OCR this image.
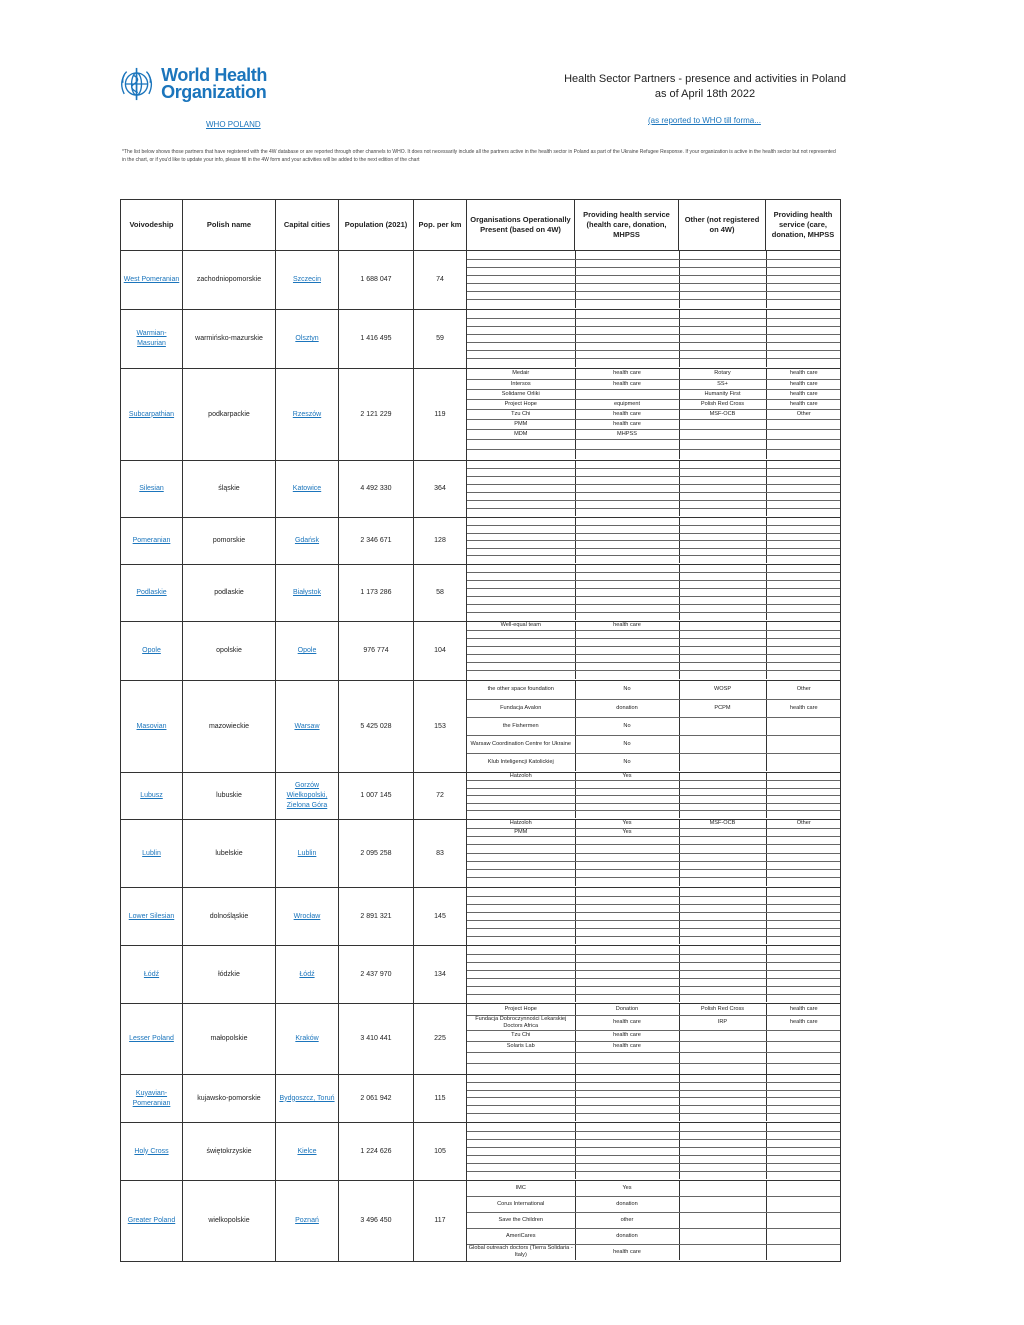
World Health Organization
WHO POLAND
Health Sector Partners - presence and activities in Poland as of April 18th 2022
(as reported to WHO till forma...
*The list below shows those partners that have registered with the 4W database or are reported through other channels to WHO. It does not necessarily include all the partners active in the health sector in Poland as part of the Ukraine Refugee Response. If your organization is active in the health sector but not represented in the chart, or if you'd like to update your info, please fill in the 4W form and your activities will be added to the next edition of the chart
Voivodeship	Polish name	Capital cities	Population (2021)	Pop. per km	Organisations Operationally Present (based on 4W)	Providing health service (health care, donation, MHPSS	Other (not registered on 4W)	Providing health service (care, donation, MHPSS
West Pomeranian	zachodniopomorskie	Szczecin	1 688 047	74	

Warmian-Masurian	warmińsko-mazurskie	Olsztyn	1 416 495	59	

Subcarpathian	podkarpackie	Rzeszów	2 121 229	119	
Medair	health care	Rotary	health care
Intersos	health care	SS+	health care
Solidarne Orliki		Humanity First	health care
Project Hope	equipment	Polish Red Cross	health care
Tzu Chi	health care	MSF-OCB	Other
PMM	health care		
MDM	MHPSS		

Silesian	śląskie	Katowice	4 492 330	364	

Pomeranian	pomorskie	Gdańsk	2 346 671	128	

Podlaskie	podlaskie	Białystok	1 173 286	58	

Opole	opolskie	Opole	976 774	104	
Well-equal team	health care		

Masovian	mazowieckie	Warsaw	5 425 028	153	
the other space foundation	No	WOSP	Other
Fundacja Avalon	donation	PCPM	health care
the Fishermen	No		
Warsaw Coordination Centre for Ukraine	No		
Klub Inteligencji Katolickiej	No		

Lubusz	lubuskie	Gorzów Wielkopolski, Zielona Góra	1 007 145	72	
Hatzoloh	Yes		

Lublin	lubelskie	Lublin	2 095 258	83	
Hatzoloh	Yes	MSF-OCB	Other
PMM	Yes		

Lower Silesian	dolnośląskie	Wrocław	2 891 321	145	

Łódź	łódzkie	Łódź	2 437 970	134	

Lesser Poland	małopolskie	Kraków	3 410 441	225	
Project Hope	Donation	Polish Red Cross	health care
Fundacja Dobroczynności Lekarskiej Doctors Africa	health care	IRP	health care
Tzu Chi	health care		
Solaris Lab	health care		

Kuyavian-Pomeranian	kujawsko-pomorskie	Bydgoszcz, Toruń	2 061 942	115	

Holy Cross	świętokrzyskie	Kielce	1 224 626	105	

Greater Poland	wielkopolskie	Poznań	3 496 450	117	
IMC	Yes		
Corus International	donation		
Save the Children	other		
AmeriCares	donation		
Global outreach doctors (Tierra Solidaria - Italy)	health care		
